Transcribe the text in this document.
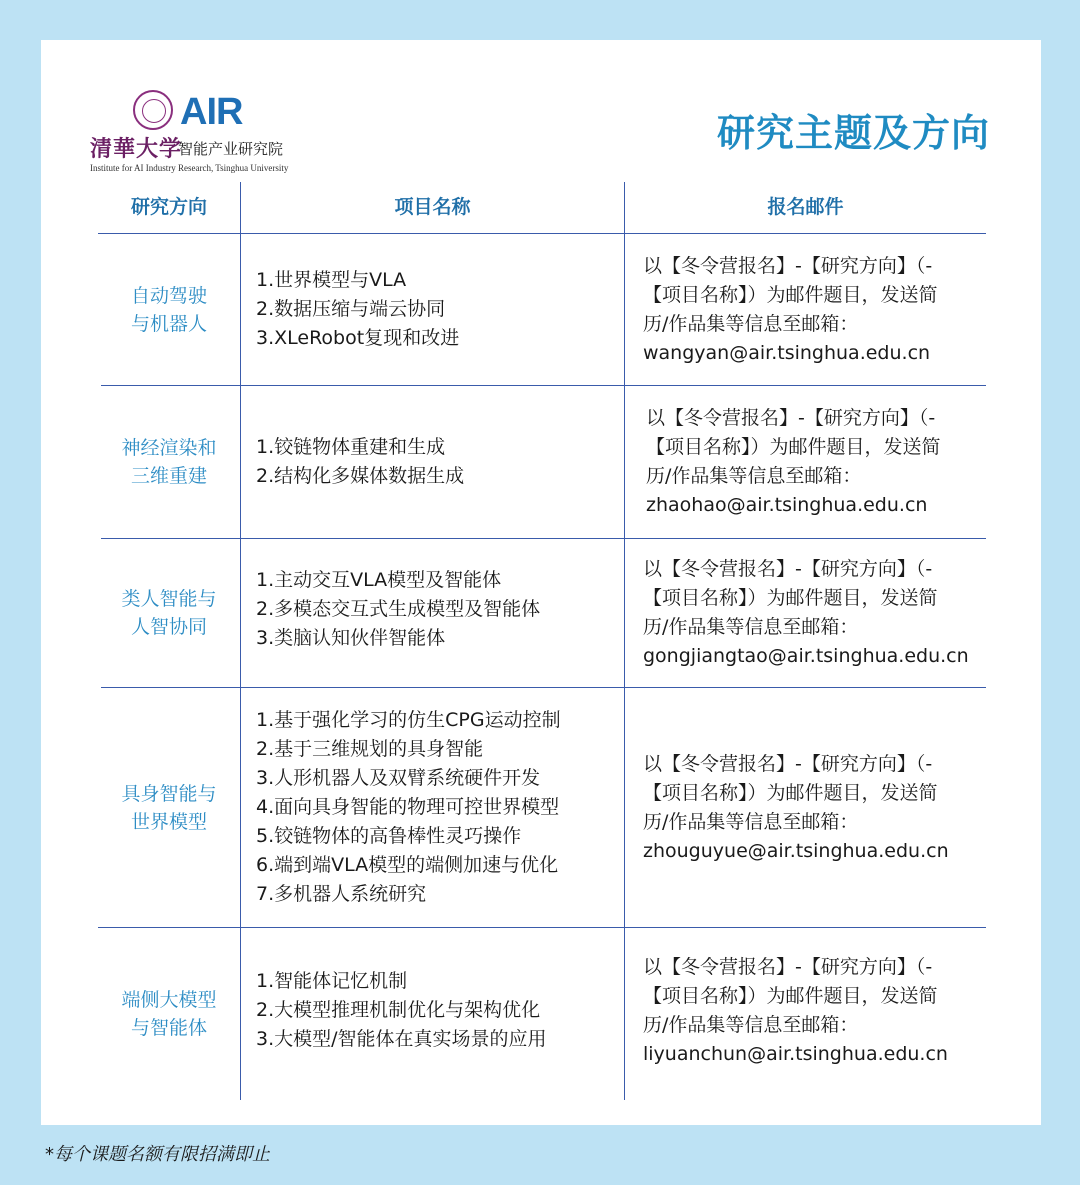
AIR
清華大学
智能产业研究院
Institute for AI Industry Research, Tsinghua University
研究主题及方向
研究方向	项目名称	报名邮件
自动驾驶
与机器人
1.世界模型与VLA
2.数据压缩与端云协同
3.XLeRobot复现和改进
以【冬令营报名】-【研究方向】（-
【项目名称】）为邮件题目，发送简
历/作品集等信息至邮箱：
wangyan@air.tsinghua.edu.cn
神经渲染和
三维重建
1.铰链物体重建和生成
2.结构化多媒体数据生成
以【冬令营报名】-【研究方向】（-
【项目名称】）为邮件题目，发送简
历/作品集等信息至邮箱：
zhaohao@air.tsinghua.edu.cn
类人智能与
人智协同
1.主动交互VLA模型及智能体
2.多模态交互式生成模型及智能体
3.类脑认知伙伴智能体
以【冬令营报名】-【研究方向】（-
【项目名称】）为邮件题目，发送简
历/作品集等信息至邮箱：
gongjiangtao@air.tsinghua.edu.cn
具身智能与
世界模型
1.基于强化学习的仿生CPG运动控制
2.基于三维规划的具身智能
3.人形机器人及双臂系统硬件开发
4.面向具身智能的物理可控世界模型
5.铰链物体的高鲁棒性灵巧操作
6.端到端VLA模型的端侧加速与优化
7.多机器人系统研究
以【冬令营报名】-【研究方向】（-
【项目名称】）为邮件题目，发送简
历/作品集等信息至邮箱：
zhouguyue@air.tsinghua.edu.cn
端侧大模型
与智能体
1.智能体记忆机制
2.大模型推理机制优化与架构优化
3.大模型/智能体在真实场景的应用
以【冬令营报名】-【研究方向】（-
【项目名称】）为邮件题目，发送简
历/作品集等信息至邮箱：
liyuanchun@air.tsinghua.edu.cn
*每个课题名额有限招满即止
